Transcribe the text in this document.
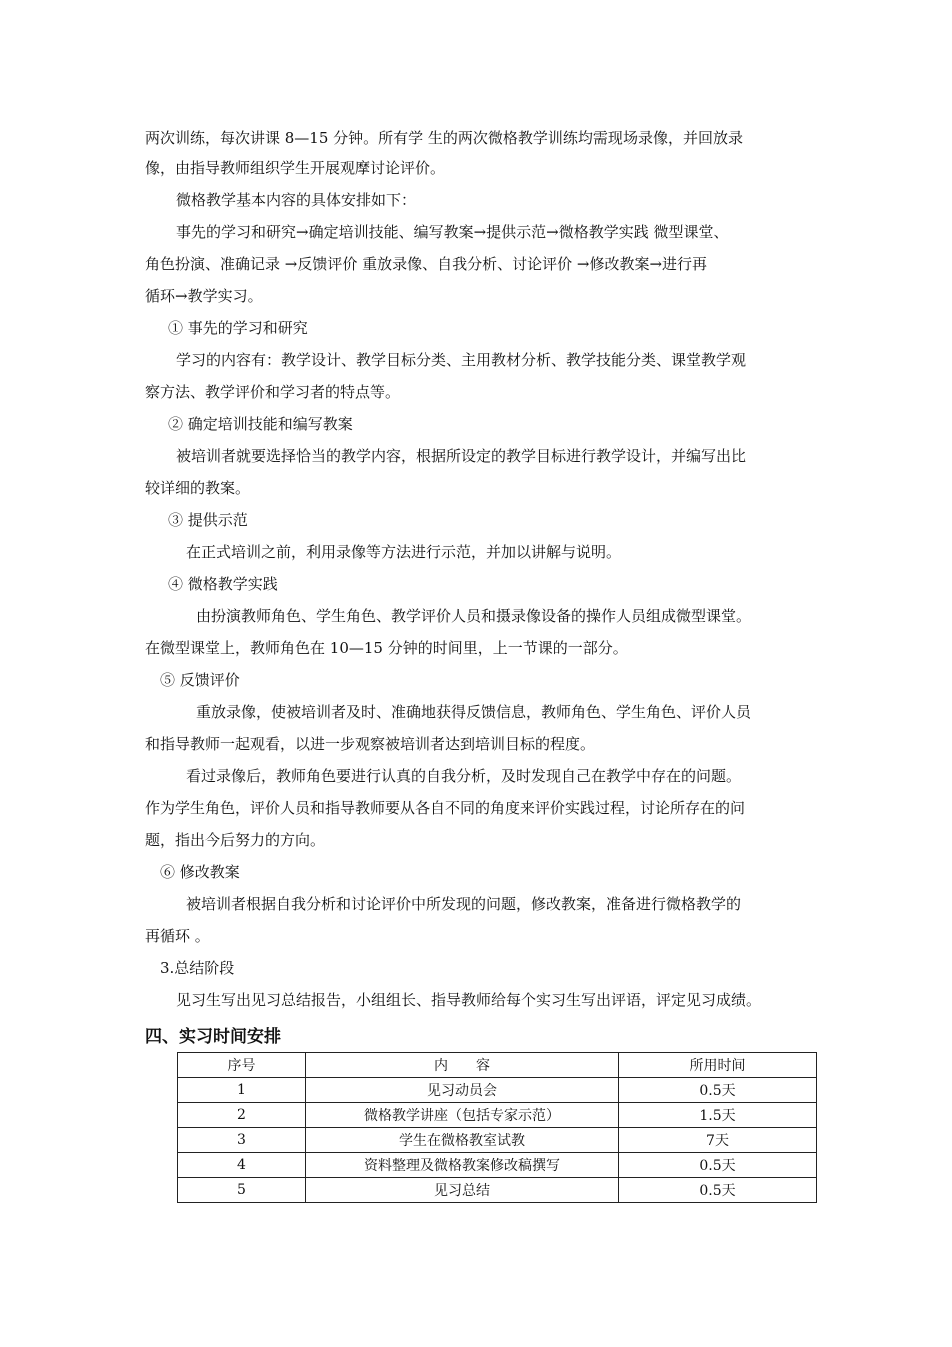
两次训练，每次讲课 8—15 分钟。所有学 生的两次微格教学训练均需现场录像，并回放录
像，由指导教师组织学生开展观摩讨论评价。
微格教学基本内容的具体安排如下：
事先的学习和研究→确定培训技能、编写教案→提供示范→微格教学实践 微型课堂、
角色扮演、准确记录 →反馈评价 重放录像、自我分析、讨论评价 →修改教案→进行再
循环→教学实习。
① 事先的学习和研究
学习的内容有：教学设计、教学目标分类、主用教材分析、教学技能分类、课堂教学观
察方法、教学评价和学习者的特点等。
② 确定培训技能和编写教案
被培训者就要选择恰当的教学内容，根据所设定的教学目标进行教学设计，并编写出比
较详细的教案。
③ 提供示范
在正式培训之前，利用录像等方法进行示范，并加以讲解与说明。
④ 微格教学实践
由扮演教师角色、学生角色、教学评价人员和摄录像设备的操作人员组成微型课堂。
在微型课堂上，教师角色在 10—15 分钟的时间里，上一节课的一部分。
⑤ 反馈评价
重放录像，使被培训者及时、准确地获得反馈信息，教师角色、学生角色、评价人员
和指导教师一起观看，以进一步观察被培训者达到培训目标的程度。
看过录像后，教师角色要进行认真的自我分析，及时发现自己在教学中存在的问题。
作为学生角色，评价人员和指导教师要从各自不同的角度来评价实践过程，讨论所存在的问
题，指出今后努力的方向。
⑥ 修改教案
被培训者根据自我分析和讨论评价中所发现的问题，修改教案，准备进行微格教学的
再循环 。
3.总结阶段
见习生写出见习总结报告，小组组长、指导教师给每个实习生写出评语，评定见习成绩。
四、实习时间安排
序号	内　　容	所用时间
1	见习动员会	0.5天
2	微格教学讲座（包括专家示范）	1.5天
3	学生在微格教室试教	7天
4	资料整理及微格教案修改稿撰写	0.5天
5	见习总结	0.5天
